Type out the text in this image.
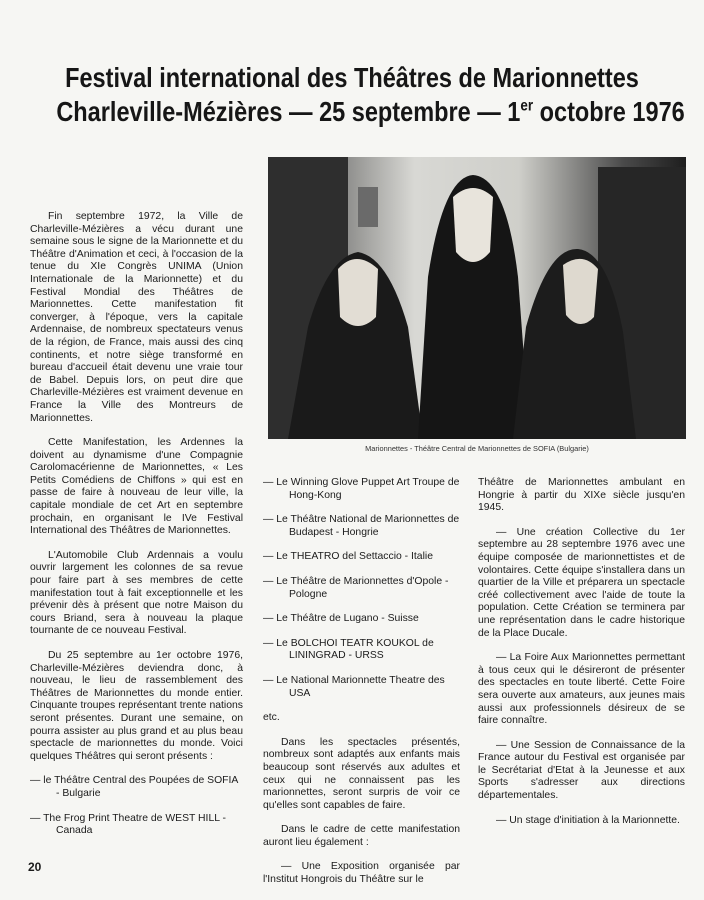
Festival international des Théâtres de Marionnettes
Charleville-Mézières — 25 septembre — 1er octobre 1976
Marionnettes - Théâtre Central de Marionnettes de SOFIA (Bulgarie)

Fin septembre 1972, la Ville de Charleville-Mézières a vécu durant une semaine sous le signe de la Marionnette et du Théâtre d'Animation et ceci, à l'occasion de la tenue du XIe Congrès UNIMA (Union Internationale de la Marionnette) et du Festival Mondial des Théâtres de Marionnettes. Cette manifestation fit converger, à l'époque, vers la capitale Ardennaise, de nombreux spectateurs venus de la région, de France, mais aussi des cinq continents, et notre siège transformé en bureau d'accueil était devenu une vraie tour de Babel. Depuis lors, on peut dire que Charleville-Mézières est vraiment devenue en France la Ville des Montreurs de Marionnettes.

Cette Manifestation, les Ardennes la doivent au dynamisme d'une Compagnie Carolomacérienne de Marionnettes, « Les Petits Comédiens de Chiffons » qui est en passe de faire à nouveau de leur ville, la capitale mondiale de cet Art en septembre prochain, en organisant le IVe Festival International des Théâtres de Marionnettes.

L'Automobile Club Ardennais a voulu ouvrir largement les colonnes de sa revue pour faire part à ses membres de cette manifestation tout à fait exceptionnelle et les prévenir dès à présent que notre Maison du cours Briand, sera à nouveau la plaque tournante de ce nouveau Festival.

Du 25 septembre au 1er octobre 1976, Charleville-Mézières deviendra donc, à nouveau, le lieu de rassemblement des Théâtres de Marionnettes du monde entier. Cinquante troupes représentant trente nations seront présentes. Durant une semaine, on pourra assister au plus grand et au plus beau spectacle de marionnettes du monde. Voici quelques Théâtres qui seront présents :

— le Théâtre Central des Poupées de SOFIA - Bulgarie
— The Frog Print Theatre de WEST HILL - Canada
— Le Winning Glove Puppet Art Troupe de Hong-Kong
— Le Théâtre National de Marionnettes de Budapest - Hongrie
— Le THEATRO del Settaccio - Italie
— Le Théâtre de Marionnettes d'Opole - Pologne
— Le Théâtre de Lugano - Suisse
— Le BOLCHOI TEATR KOUKOL de LININGRAD - URSS
— Le National Marionnette Theatre des USA

etc.

Dans les spectacles présentés, nombreux sont adaptés aux enfants mais beaucoup sont réservés aux adultes et ceux qui ne connaissent pas les marionnettes, seront surpris de voir ce qu'elles sont capables de faire.

Dans le cadre de cette manifestation auront lieu également :

— Une Exposition organisée par l'Institut Hongrois du Théâtre sur le

Théâtre de Marionnettes ambulant en Hongrie à partir du XIXe siècle jusqu'en 1945.

— Une création Collective du 1er septembre au 28 septembre 1976 avec une équipe composée de marionnettistes et de volontaires. Cette équipe s'installera dans un quartier de la Ville et préparera un spectacle créé collectivement avec l'aide de toute la population. Cette Création se terminera par une représentation dans le cadre historique de la Place Ducale.

— La Foire Aux Marionnettes permettant à tous ceux qui le désireront de présenter des spectacles en toute liberté. Cette Foire sera ouverte aux amateurs, aux jeunes mais aussi aux professionnels désireux de se faire connaître.

— Une Session de Connaissance de la France autour du Festival est organisée par le Secrétariat d'Etat à la Jeunesse et aux Sports s'adresser aux directions départementales.

— Un stage d'initiation à la Marionnette.

20
